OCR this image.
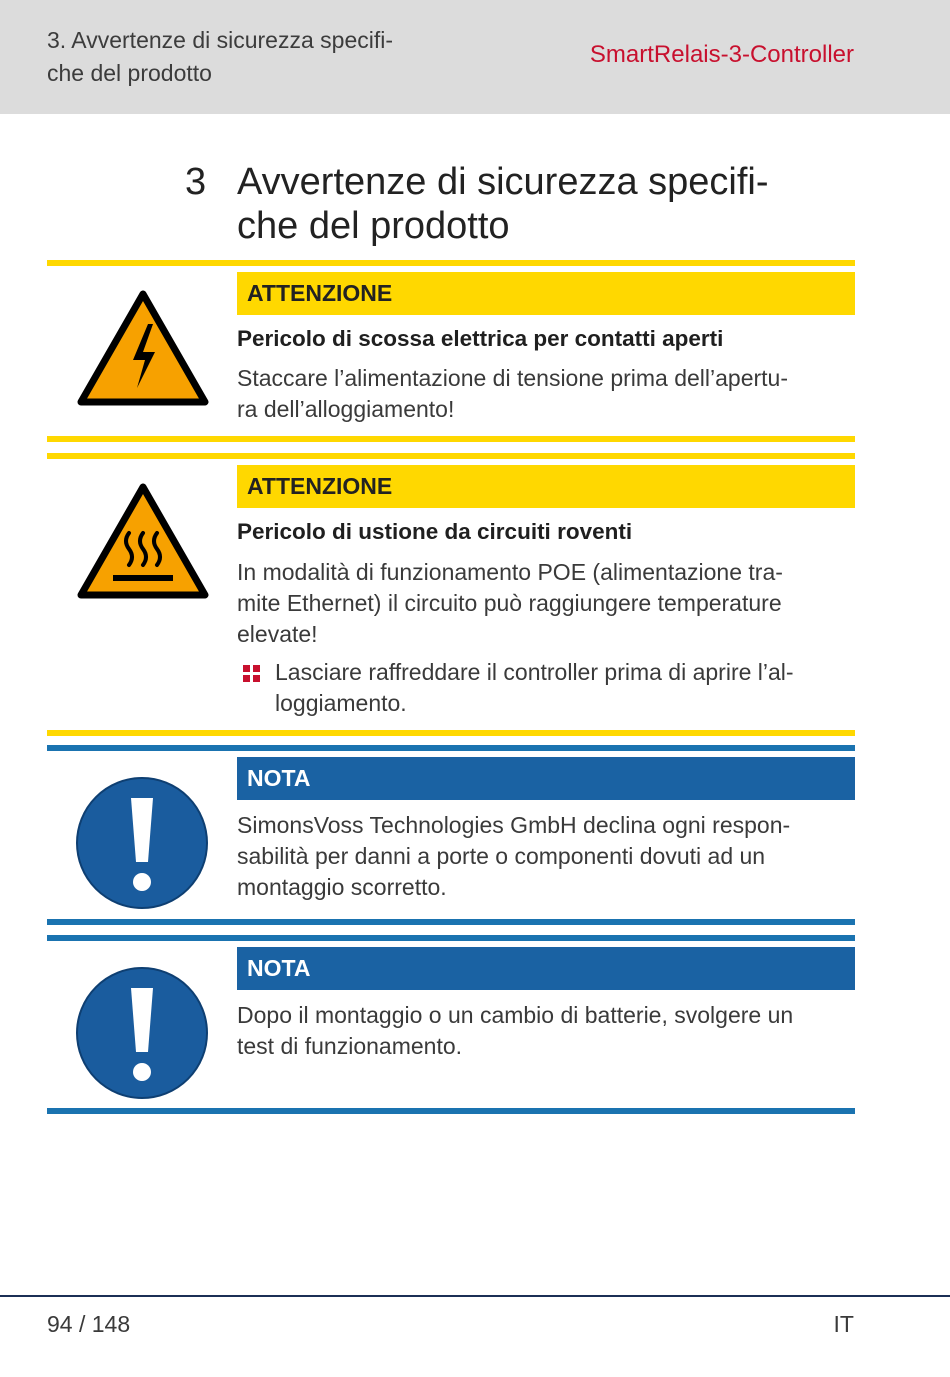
3. Avvertenze di sicurezza specifi-
che del prodotto
SmartRelais-3-Controller
3 Avvertenze di sicurezza specifi-
che del prodotto
ATTENZIONE
Pericolo di scossa elettrica per contatti aperti
Staccare l’alimentazione di tensione prima dell’apertu-
ra dell’alloggiamento!
ATTENZIONE
Pericolo di ustione da circuiti roventi
In modalità di funzionamento POE (alimentazione tra-
mite Ethernet) il circuito può raggiungere temperature
elevate!
Lasciare raffreddare il controller prima di aprire l’al-
loggiamento.
NOTA
SimonsVoss Technologies GmbH declina ogni respon-
sabilità per danni a porte o componenti dovuti ad un
montaggio scorretto.
NOTA
Dopo il montaggio o un cambio di batterie, svolgere un
test di funzionamento.
94 / 148	IT
